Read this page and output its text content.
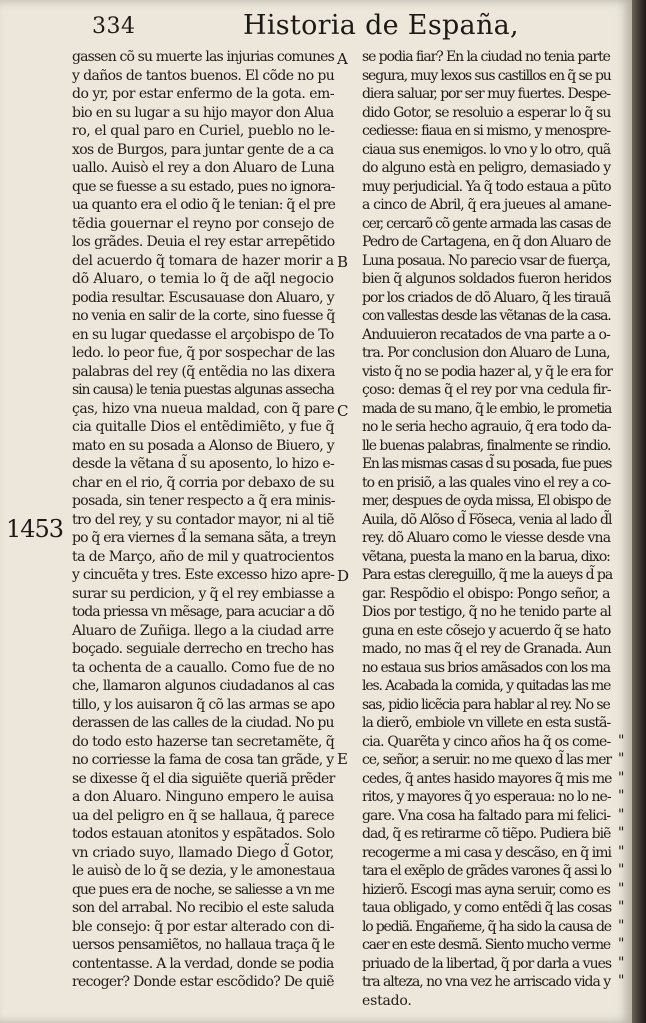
334	Historia de España,
1453
A
B
C
D
E
gassen cõ su muerte las injurias comunes
y daños de tantos buenos. El cõde no pu
do yr, por estar enfermo de la gota. em-
bio en su lugar a su hijo mayor don Alua
ro, el qual paro en Curiel, pueblo no le-
xos de Burgos, para juntar gente de a ca
uallo. Auisò el rey a don Aluaro de Luna
que se fuesse a su estado, pues no ignora-
ua quanto era el odio q̃ le tenian: q̃ el pre
tẽdia gouernar el reyno por consejo de
los grãdes. Deuia el rey estar arrepẽtido
del acuerdo q̃ tomara de hazer morir a
dõ Aluaro, o temia lo q̃ de aq̃l negocio
podia resultar. Escusauase don Aluaro, y
no venia en salir de la corte, sino fuesse q̃
en su lugar quedasse el arçobispo de To
ledo. lo peor fue, q̃ por sospechar de las
palabras del rey (q̃ entẽdia no las dixera
sin causa) le tenia puestas algunas assecha
ças, hizo vna nueua maldad, con q̃ pare
cia quitalle Dios el entẽdimiẽto, y fue q̃
mato en su posada a Alonso de Biuero, y
desde la vẽtana d̃ su aposento, lo hizo e-
char en el rio, q̃ corria por debaxo de su
posada, sin tener respecto a q̃ era minis-
tro del rey, y su contador mayor, ni al tiẽ
po q̃ era viernes d̃ la semana sãta, a treyn
ta de Março, año de mil y quatrocientos
y cincuẽta y tres. Este excesso hizo apre-
surar su perdicion, y q̃ el rey embiasse a
toda priessa vn mẽsage, para acuciar a dõ
Aluaro de Zuñiga. llego a la ciudad arre
boçado. seguiale derrecho en trecho has
ta ochenta de a cauallo. Como fue de no
che, llamaron algunos ciudadanos al cas
tillo, y los auisaron q̃ cõ las armas se apo
derassen de las calles de la ciudad. No pu
do todo esto hazerse tan secretamẽte, q̃
no corriesse la fama de cosa tan grãde, y
se dixesse q̃ el dia siguiẽte queriã prẽder
a don Aluaro. Ninguno empero le auisa
ua del peligro en q̃ se hallaua, q̃ parece
todos estauan atonitos y espãtados. Solo
vn criado suyo, llamado Diego d̃ Gotor,
le auisò de lo q̃ se dezia, y le amonestaua
que pues era de noche, se saliesse a vn me
son del arrabal. No recibio el este saluda
ble consejo: q̃ por estar alterado con di-
uersos pensamiẽtos, no hallaua traça q̃ le
contentasse. A la verdad, donde se podia
recoger? Donde estar escõdido? De quiẽ
se podia fiar? En la ciudad no tenia parte
segura, muy lexos sus castillos en q̃ se pu
diera saluar, por ser muy fuertes. Despe-
dido Gotor, se resoluio a esperar lo q̃ su
cediesse: fiaua en si mismo, y menospre-
ciaua sus enemigos. lo vno y lo otro, quã
do alguno està en peligro, demasiado y
muy perjudicial. Ya q̃ todo estaua a pũto
a cinco de Abril, q̃ era jueues al amane-
cer, cercarõ cõ gente armada las casas de
Pedro de Cartagena, en q̃ don Aluaro de
Luna posaua. No parecio vsar de fuerça,
bien q̃ algunos soldados fueron heridos
por los criados de dõ Aluaro, q̃ les tirauã
con vallestas desde las vẽtanas de la casa.
Anduuieron recatados de vna parte a o-
tra. Por conclusion don Aluaro de Luna,
visto q̃ no se podia hazer al, y q̃ le era for
çoso: demas q̃ el rey por vna cedula fir-
mada de su mano, q̃ le embio, le prometia
no le seria hecho agrauio, q̃ era todo da-
lle buenas palabras, finalmente se rindio.
En las mismas casas d̃ su posada, fue pues
to en prisiõ, a las quales vino el rey a co-
mer, despues de oyda missa, El obispo de
Auila, dõ Alõso d̃ Fõseca, venia al lado d̃l
rey. dõ Aluaro como le viesse desde vna
vẽtana, puesta la mano en la barua, dixo:
Para estas clereguillo, q̃ me la aueys d̃ pa
gar. Respõdio el obispo: Pongo señor, a
Dios por testigo, q̃ no he tenido parte al
guna en este cõsejo y acuerdo q̃ se hato
mado, no mas q̃ el rey de Granada. Aun
no estaua sus brios amãsados con los ma
les. Acabada la comida, y quitadas las me
sas, pidio licẽcia para hablar al rey. No se
la dierõ, embiole vn villete en esta sustã-
cia. Quarẽta y cinco años ha q̃ os come-
ce, señor, a seruir. no me quexo d̃ las mer
cedes, q̃ antes hasido mayores q̃ mis me
ritos, y mayores q̃ yo esperaua: no lo ne-
gare. Vna cosa ha faltado para mi felici-
dad, q̃ es retirarme cõ tiẽpo. Pudiera biẽ
recogerme a mi casa y descãso, en q̃ imi
tara el exẽplo de grãdes varones q̃ assi lo
hizierõ. Escogi mas ayna seruir, como es
taua obligado, y como entẽdi q̃ las cosas
lo pediã. Engañeme, q̃ ha sido la causa de
caer en este desmã. Siento mucho verme
priuado de la libertad, q̃ por darla a vues
tra alteza, no vna vez he arriscado vida y
estado.
"
"
"
"
"
"
"
"
"
"
"
"
"
"
